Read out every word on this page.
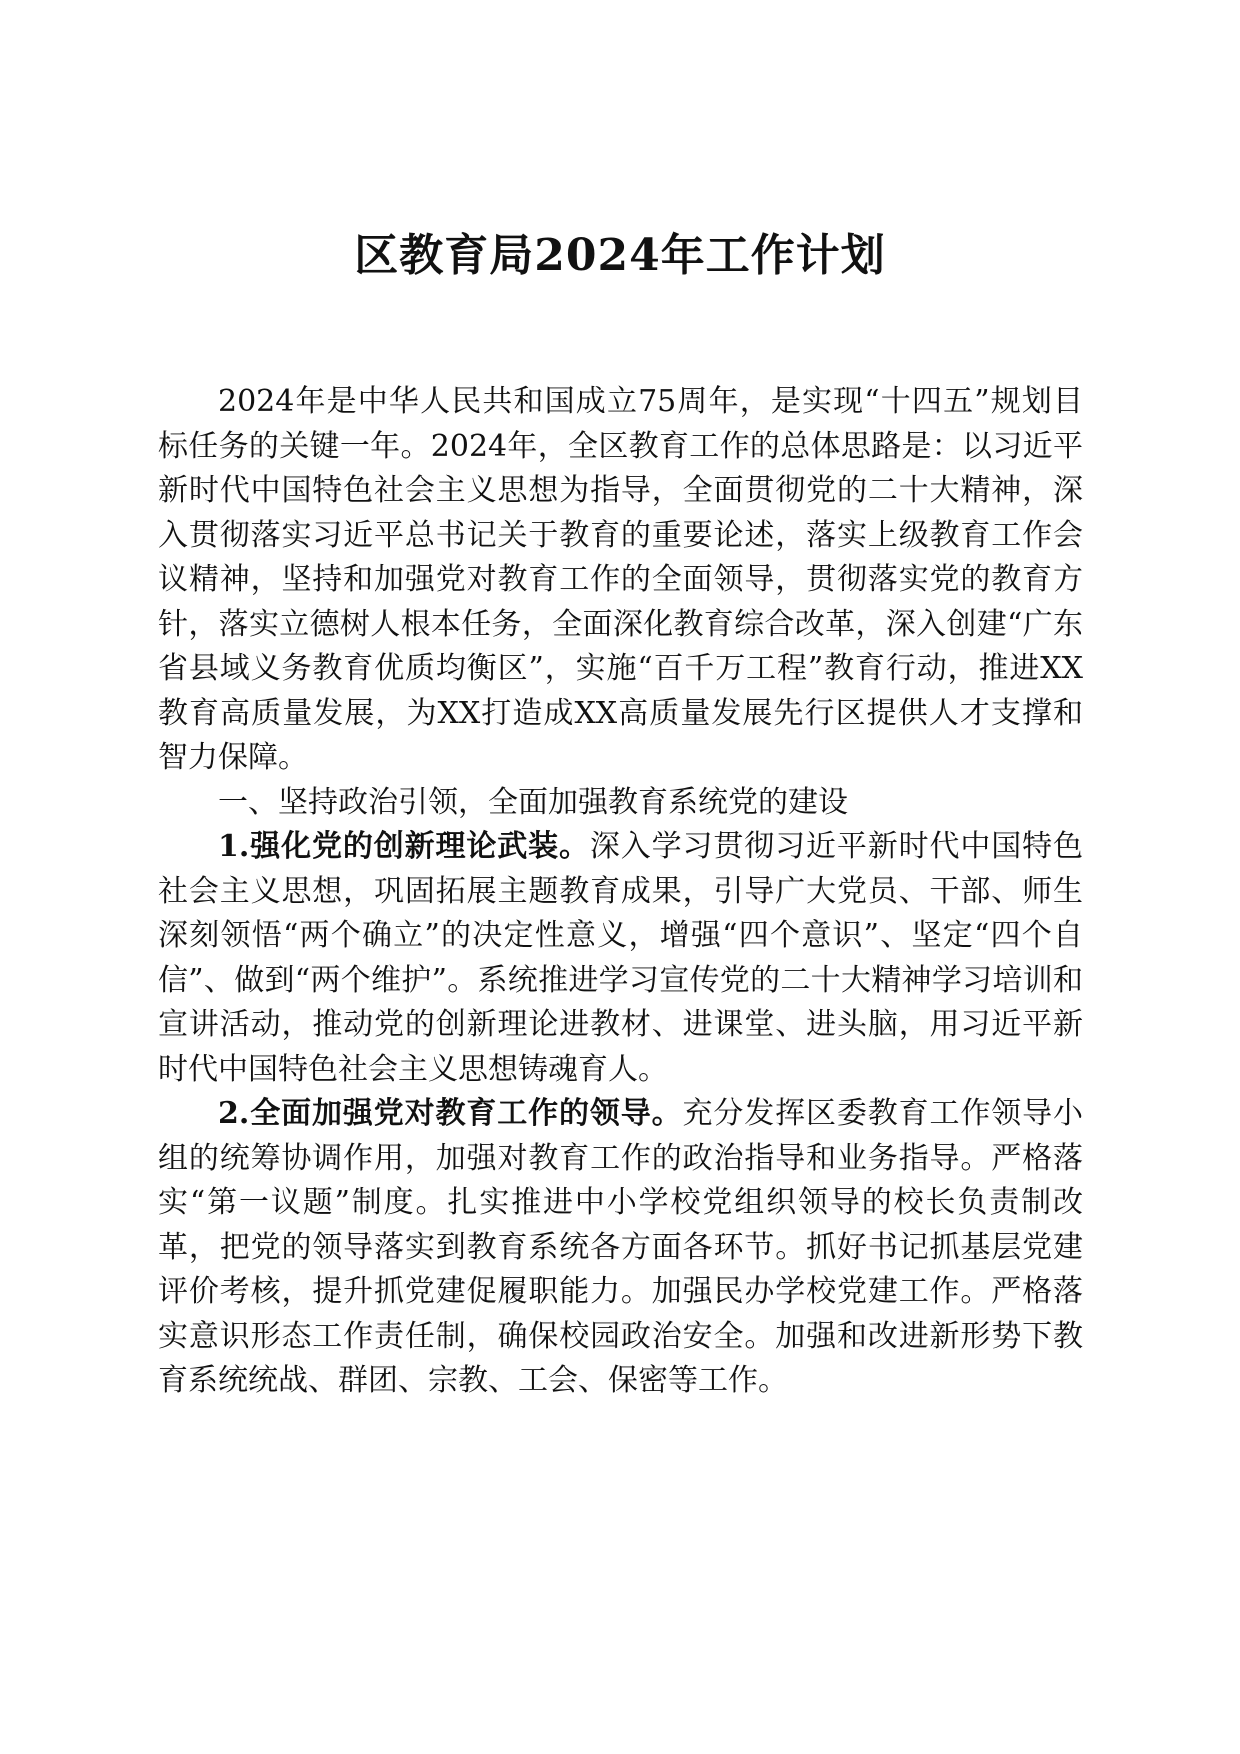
区教育局2024年工作计划

2024年是中华人民共和国成立75周年，是实现“十四五”规划目标任务的关键一年。2024年，全区教育工作的总体思路是：以习近平新时代中国特色社会主义思想为指导，全面贯彻党的二十大精神，深入贯彻落实习近平总书记关于教育的重要论述，落实上级教育工作会议精神，坚持和加强党对教育工作的全面领导，贯彻落实党的教育方针，落实立德树人根本任务，全面深化教育综合改革，深入创建“广东省县域义务教育优质均衡区”，实施“百千万工程”教育行动，推进XX教育高质量发展，为XX打造成XX高质量发展先行区提供人才支撑和智力保障。

一、坚持政治引领，全面加强教育系统党的建设

1.强化党的创新理论武装。深入学习贯彻习近平新时代中国特色社会主义思想，巩固拓展主题教育成果，引导广大党员、干部、师生深刻领悟“两个确立”的决定性意义，增强“四个意识”、坚定“四个自信”、做到“两个维护”。系统推进学习宣传党的二十大精神学习培训和宣讲活动，推动党的创新理论进教材、进课堂、进头脑，用习近平新时代中国特色社会主义思想铸魂育人。

2.全面加强党对教育工作的领导。充分发挥区委教育工作领导小组的统筹协调作用，加强对教育工作的政治指导和业务指导。严格落实“第一议题”制度。扎实推进中小学校党组织领导的校长负责制改革，把党的领导落实到教育系统各方面各环节。抓好书记抓基层党建评价考核，提升抓党建促履职能力。加强民办学校党建工作。严格落实意识形态工作责任制，确保校园政治安全。加强和改进新形势下教育系统统战、群团、宗教、工会、保密等工作。
